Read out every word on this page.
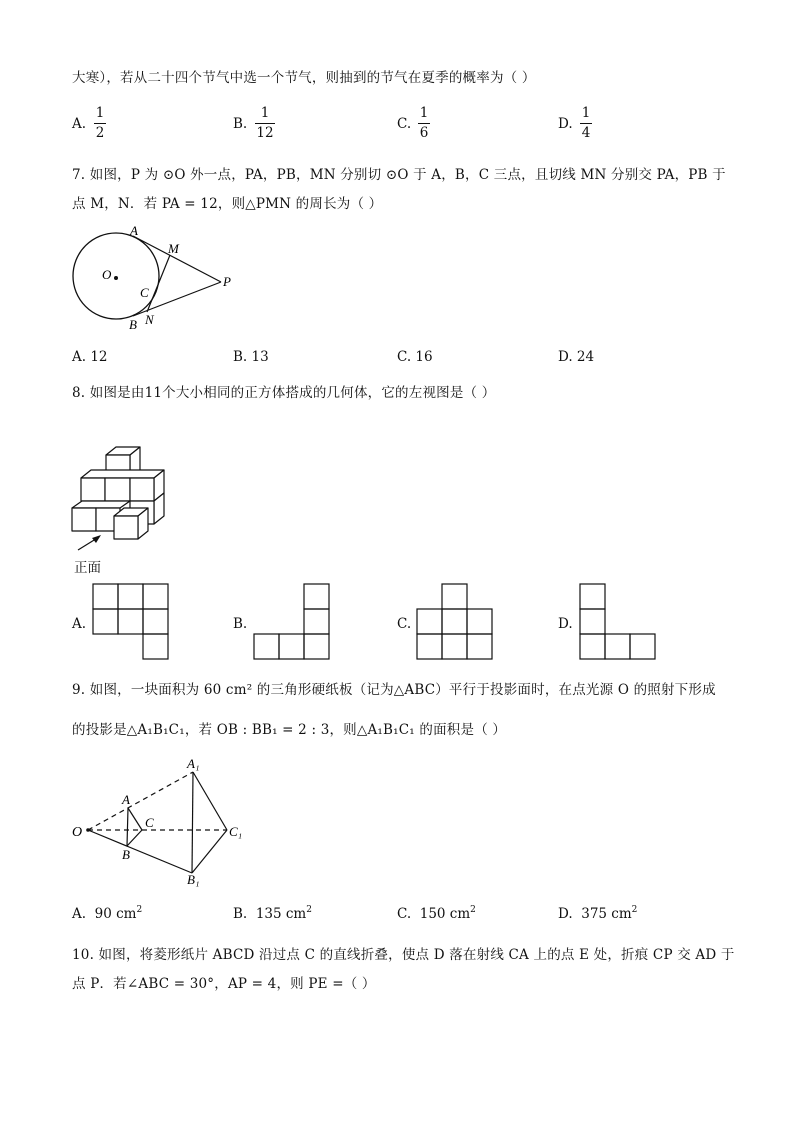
大寒），若从二十四个节气中选一个节气，则抽到的节气在夏季的概率为（ ）
A.
1
2
B.
1
12
C.
1
6
D.
1
4
7. 如图，P 为 ⊙O 外一点，PA，PB，MN 分别切 ⊙O 于 A，B，C 三点，且切线 MN 分别交 PA，PB 于
点 M，N．若 PA = 12，则△PMN 的周长为（ ）
A
M
O	P
C
B N
A. 12	B. 13	C. 16	D. 24
8. 如图是由11个大小相同的正方体搭成的几何体，它的左视图是（ ）
正面
A.	B.	C.	D.
9. 如图，一块面积为 60 cm² 的三角形硬纸板（记为△ABC）平行于投影面时，在点光源 O 的照射下形成
的投影是△A₁B₁C₁，若 OB : BB₁ = 2 : 3，则△A₁B₁C₁ 的面积是（ ）
A₁
A
C
C₁
O
B
B₁
A. 90 $cm^2$	B. 135 $cm^2$	C. 150 $cm^2$	D. 375 $cm^2$
10. 如图，将菱形纸片 ABCD 沿过点 C 的直线折叠，使点 D 落在射线 CA 上的点 E 处，折痕 CP 交 AD 于
点 P．若∠ABC = 30°，AP = 4，则 PE =（ ）
